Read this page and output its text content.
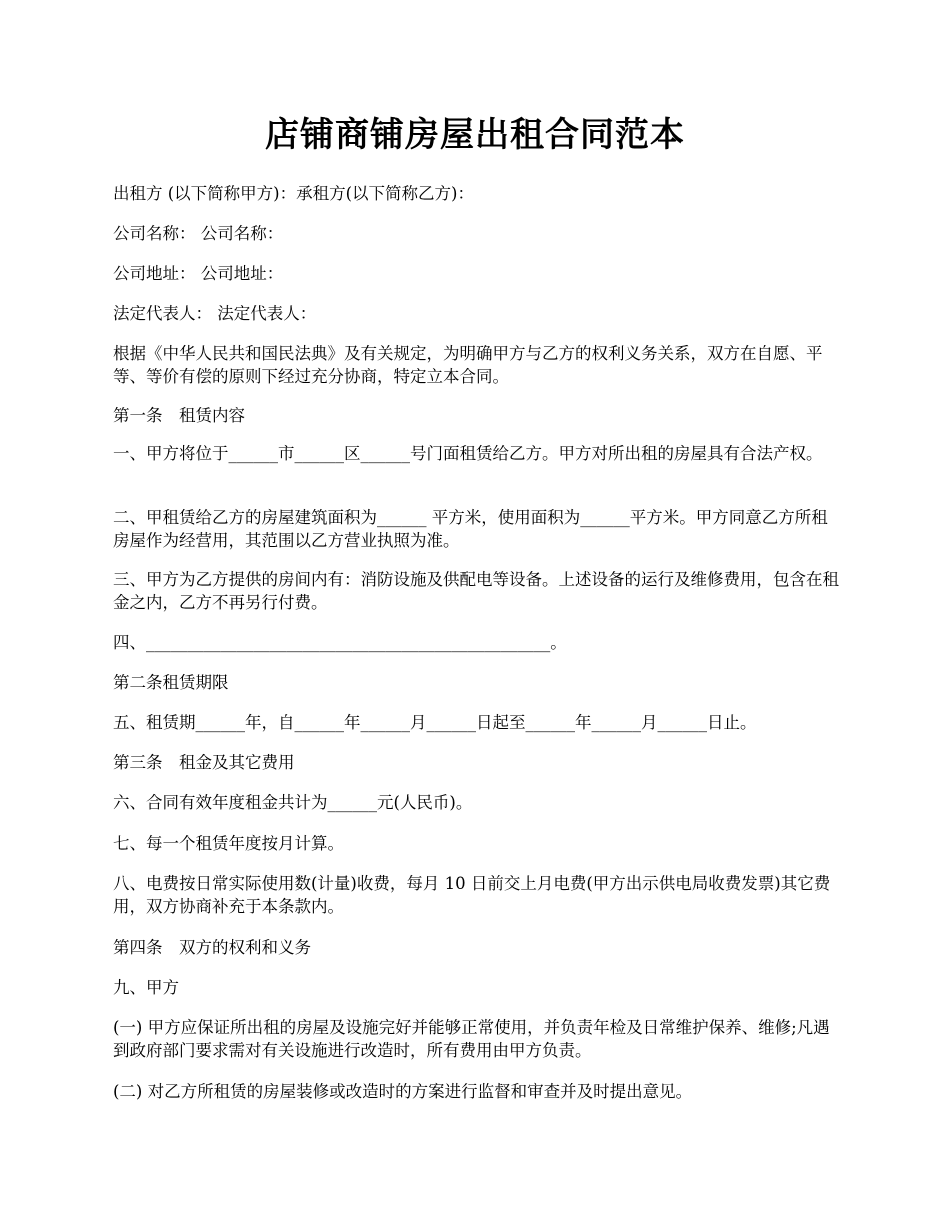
店铺商铺房屋出租合同范本

出租方 (以下简称甲方)：承租方(以下简称乙方)：

公司名称： 公司名称：

公司地址： 公司地址：

法定代表人： 法定代表人：

根据《中华人民共和国民法典》及有关规定，为明确甲方与乙方的权利义务关系，双方在自愿、平等、等价有偿的原则下经过充分协商，特定立本合同。

第一条　租赁内容

一、甲方将位于______市______区______号门面租赁给乙方。甲方对所出租的房屋具有合法产权。

二、甲租赁给乙方的房屋建筑面积为______ 平方米，使用面积为______平方米。甲方同意乙方所租房屋作为经营用，其范围以乙方营业执照为准。

三、甲方为乙方提供的房间内有：消防设施及供配电等设备。上述设备的运行及维修费用，包含在租金之内，乙方不再另行付费。

四、_________________________________________________。

第二条租赁期限

五、租赁期______年，自______年______月______日起至______年______月______日止。

第三条　租金及其它费用

六、合同有效年度租金共计为______元(人民币)。

七、每一个租赁年度按月计算。

八、电费按日常实际使用数(计量)收费，每月 10 日前交上月电费(甲方出示供电局收费发票)其它费用，双方协商补充于本条款内。

第四条　双方的权利和义务

九、甲方

(一) 甲方应保证所出租的房屋及设施完好并能够正常使用，并负责年检及日常维护保养、维修;凡遇到政府部门要求需对有关设施进行改造时，所有费用由甲方负责。

(二) 对乙方所租赁的房屋装修或改造时的方案进行监督和审查并及时提出意见。
